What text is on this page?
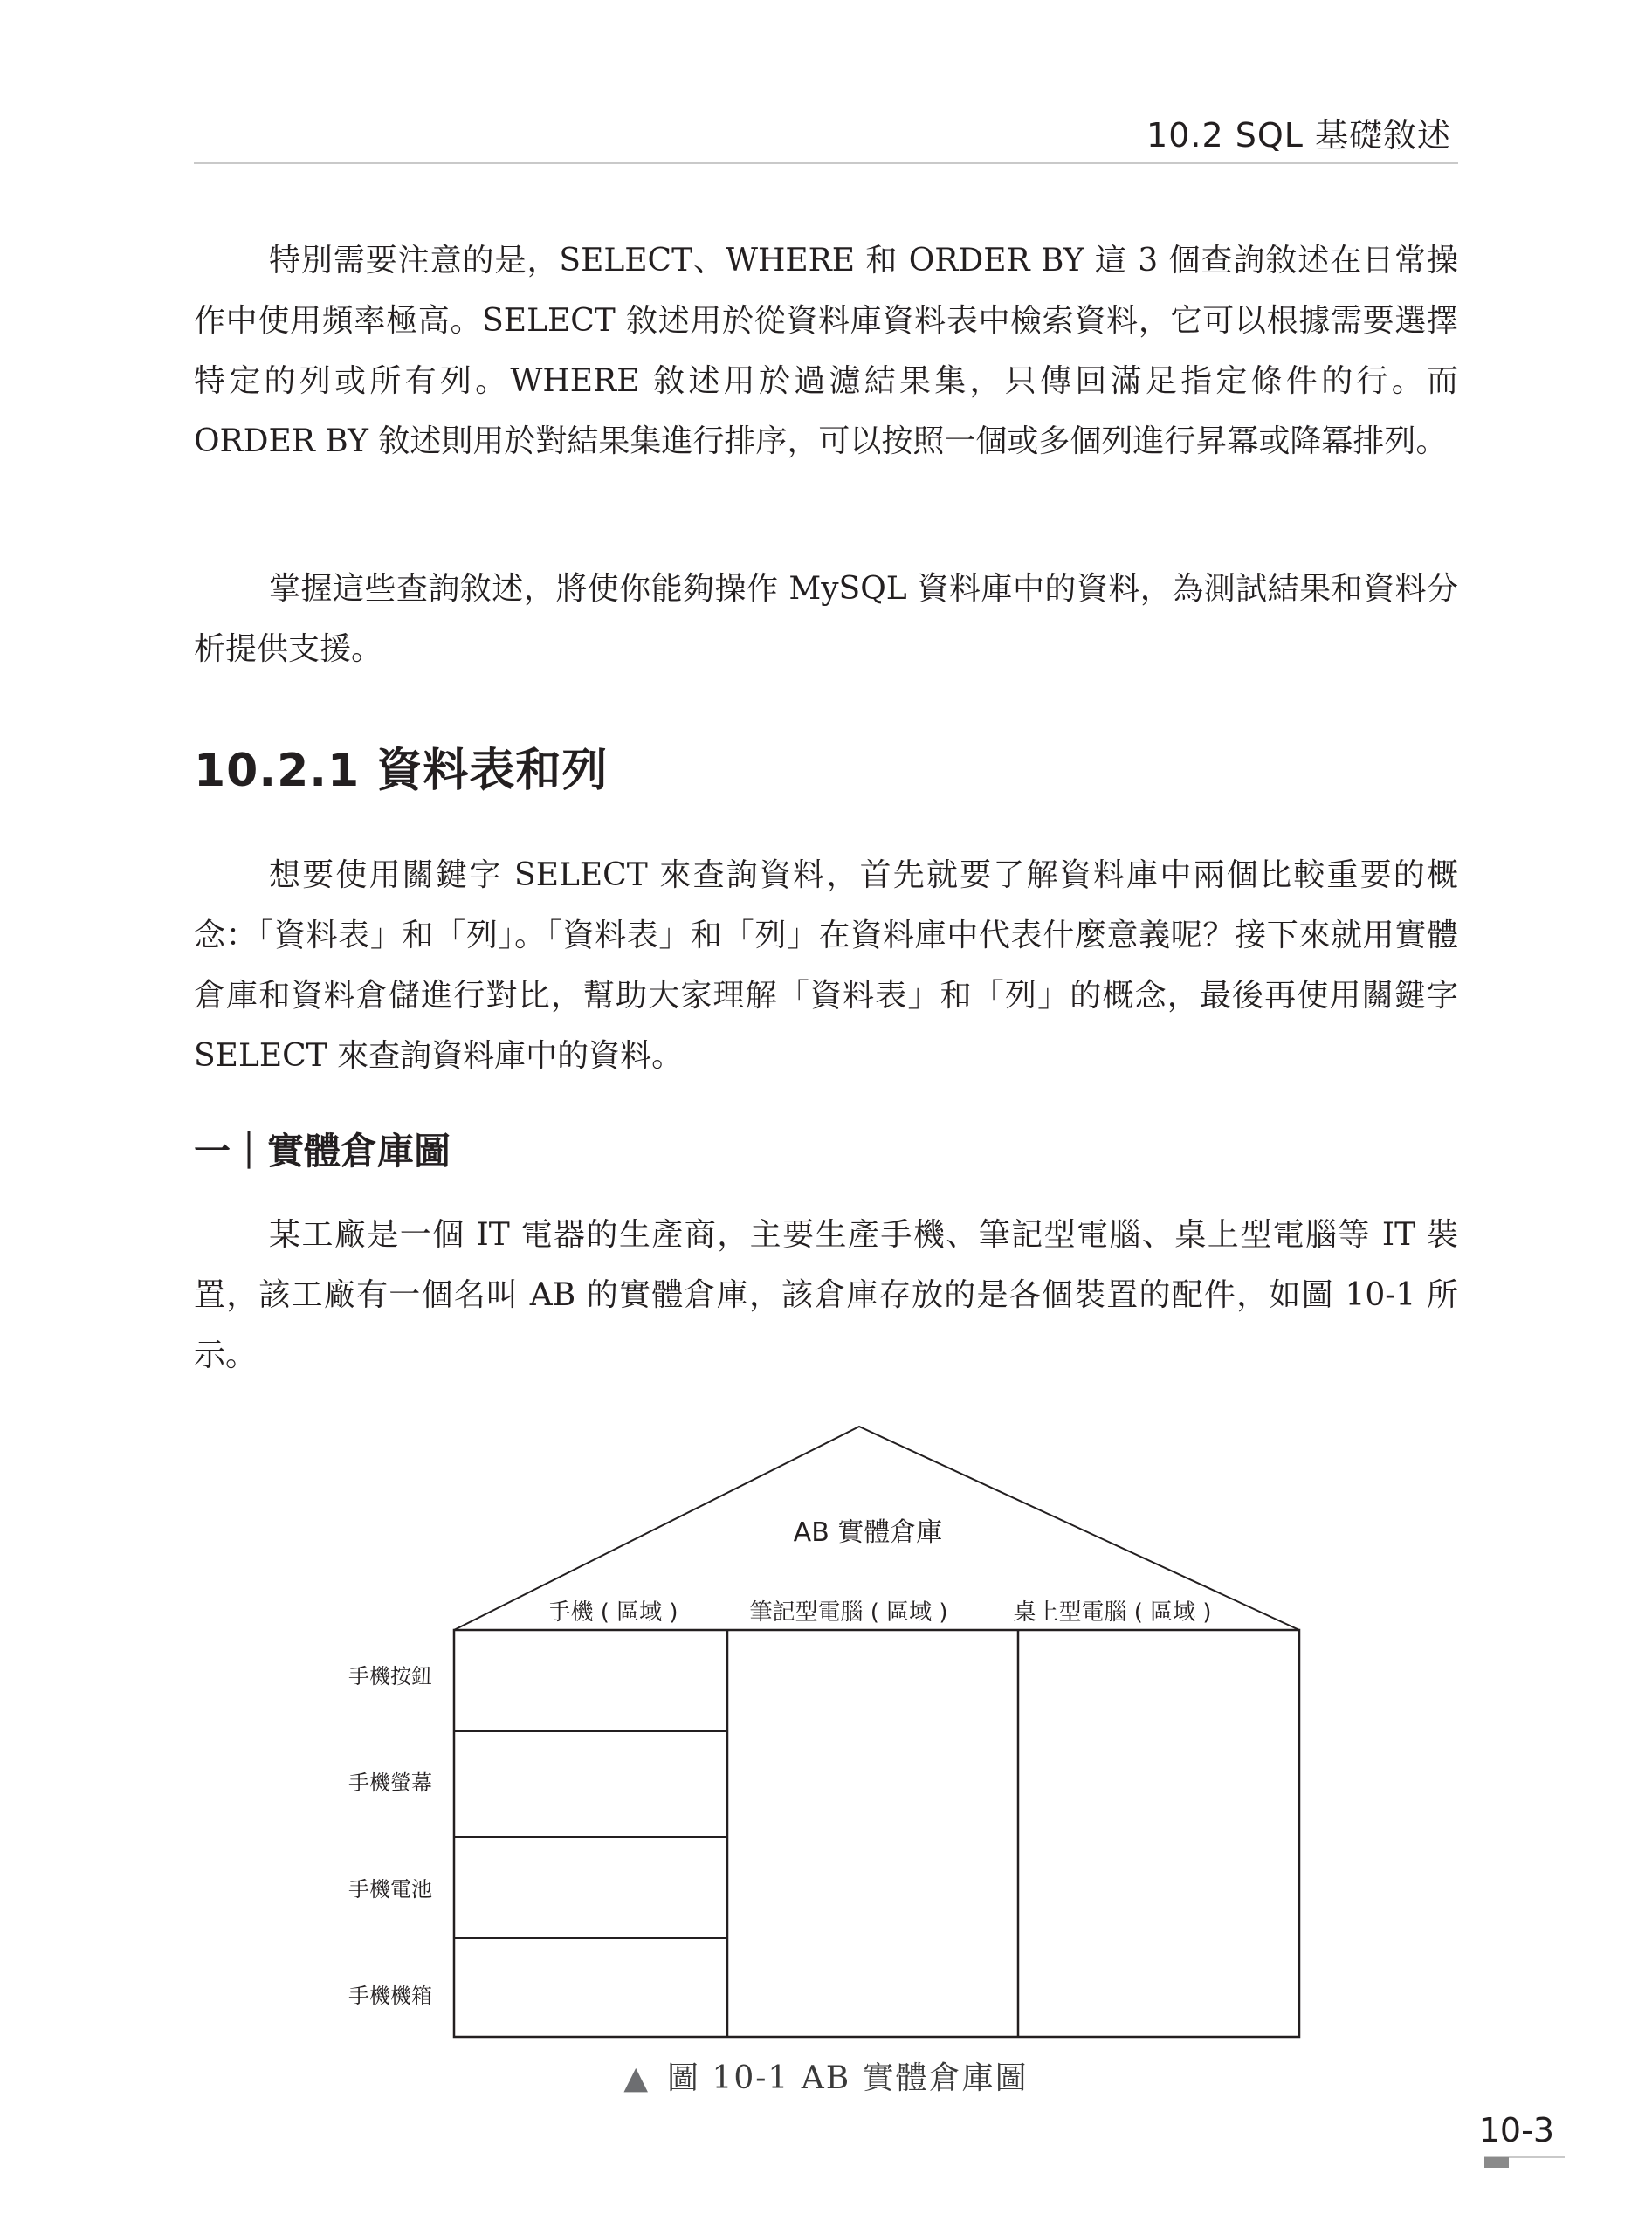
10.2 SQL 基礎敘述

特別需要注意的是，SELECT、WHERE 和 ORDER BY 這 3 個查詢敘述在日常操作中使用頻率極高。SELECT 敘述用於從資料庫資料表中檢索資料，它可以根據需要選擇特定的列或所有列。WHERE 敘述用於過濾結果集，只傳回滿足指定條件的行。而 ORDER BY 敘述則用於對結果集進行排序，可以按照一個或多個列進行昇冪或降冪排列。

掌握這些查詢敘述，將使你能夠操作 MySQL 資料庫中的資料，為測試結果和資料分析提供支援。

10.2.1 資料表和列

想要使用關鍵字 SELECT 來查詢資料，首先就要了解資料庫中兩個比較重要的概念：「資料表」和「列」。「資料表」和「列」在資料庫中代表什麼意義呢？接下來就用實體倉庫和資料倉儲進行對比，幫助大家理解「資料表」和「列」的概念，最後再使用關鍵字 SELECT 來查詢資料庫中的資料。

一｜實體倉庫圖

某工廠是一個 IT 電器的生產商，主要生產手機、筆記型電腦、桌上型電腦等 IT 裝置，該工廠有一個名叫 AB 的實體倉庫，該倉庫存放的是各個裝置的配件，如圖 10-1 所示。

AB 實體倉庫
手機 ( 區域 )	筆記型電腦 ( 區域 )	桌上型電腦 ( 區域 )
手機按鈕
手機螢幕
手機電池
手機機箱
▲ 圖 10-1 AB 實體倉庫圖
10-3
